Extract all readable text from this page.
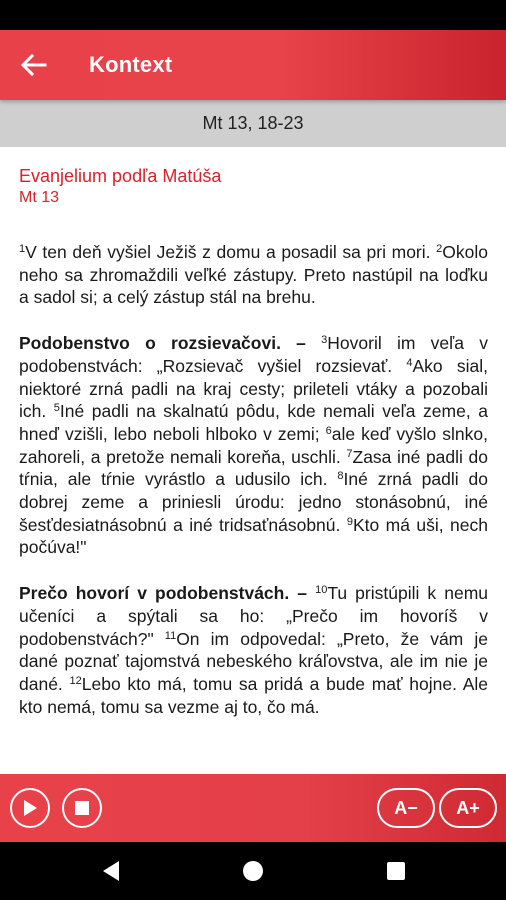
Kontext
Mt 13, 18-23
Evanjelium podľa Matúša
Mt 13
$^1$V ten deň vyšiel Ježiš z domu a posadil sa pri mori. $^2$Okolo neho sa zhromaždili veľké zástupy. Preto nastúpil na loďku a sadol si; a celý zástup stál na brehu.
Podobenstvo o rozsievačovi. – $^3$Hovoril im veľa v podobenstvách: „Rozsievač vyšiel rozsievať. $^4$Ako sial, niektoré zrná padli na kraj cesty; prileteli vtáky a pozobali ich. $^5$Iné padli na skalnatú pôdu, kde nemali veľa zeme, a hneď vzišli, lebo neboli hlboko v zemi; $^6$ale keď vyšlo slnko, zahoreli, a pretože nemali koreňa, uschli. $^7$Zasa iné padli do tŕnia, ale tŕnie vyrástlo a udusilo ich. $^8$Iné zrná padli do dobrej zeme a priniesli úrodu: jedno stonásobnú, iné šesťdesiatnásobnú a iné tridsaťnásobnú. $^9$Kto má uši, nech počúva!"
Prečo hovorí v podobenstvách. – $^{10}$Tu pristúpili k nemu učeníci a spýtali sa ho: „Prečo im hovoríš v podobenstvách?" $^{11}$On im odpovedal: „Preto, že vám je dané poznať tajomstvá nebeského kráľovstva, ale im nie je dané. $^{12}$Lebo kto má, tomu sa pridá a bude mať hojne. Ale kto nemá, tomu sa vezme aj to, čo má.
A−	A+
